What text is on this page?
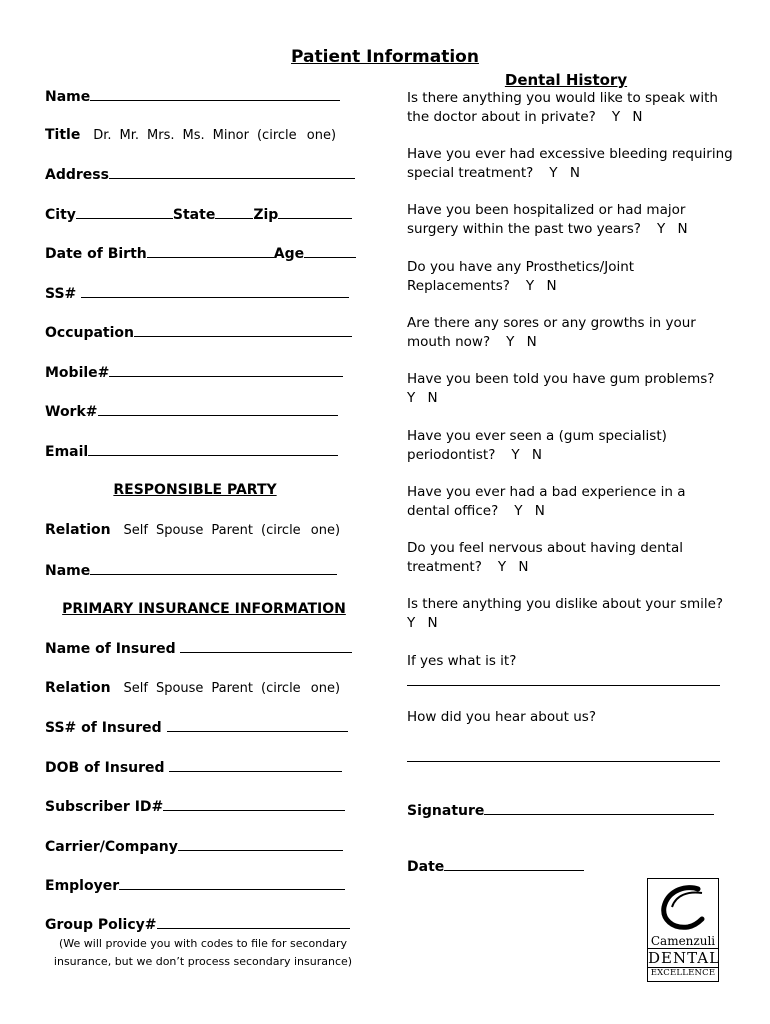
Patient Information
Name
Title Dr. Mr. Mrs. Ms. Minor (circle one)
Address
City	State	Zip
Date of Birth	Age
SS#
Occupation
Mobile#
Work#
Email
RESPONSIBLE PARTY
Relation Self Spouse Parent (circle one)
Name
PRIMARY INSURANCE INFORMATION
Name of Insured
Relation Self Spouse Parent (circle one)
SS# of Insured
DOB of Insured
Subscriber ID#
Carrier/Company
Employer
Group Policy#
(We will provide you with codes to file for secondary
insurance, but we don’t process secondary insurance)
Dental History
Is there anything you would like to speak with the doctor about in private? Y N
Have you ever had excessive bleeding requiring special treatment? Y N
Have you been hospitalized or had major surgery within the past two years? Y N
Do you have any Prosthetics/Joint Replacements? Y N
Are there any sores or any growths in your mouth now? Y N
Have you been told you have gum problems?
Y N
Have you ever seen a (gum specialist) periodontist? Y N
Have you ever had a bad experience in a dental office? Y N
Do you feel nervous about having dental treatment? Y N
Is there anything you dislike about your smile?
Y N
If yes what is it?
How did you hear about us?
Signature
Date
Camenzuli
DENTAL
EXCELLENCE
